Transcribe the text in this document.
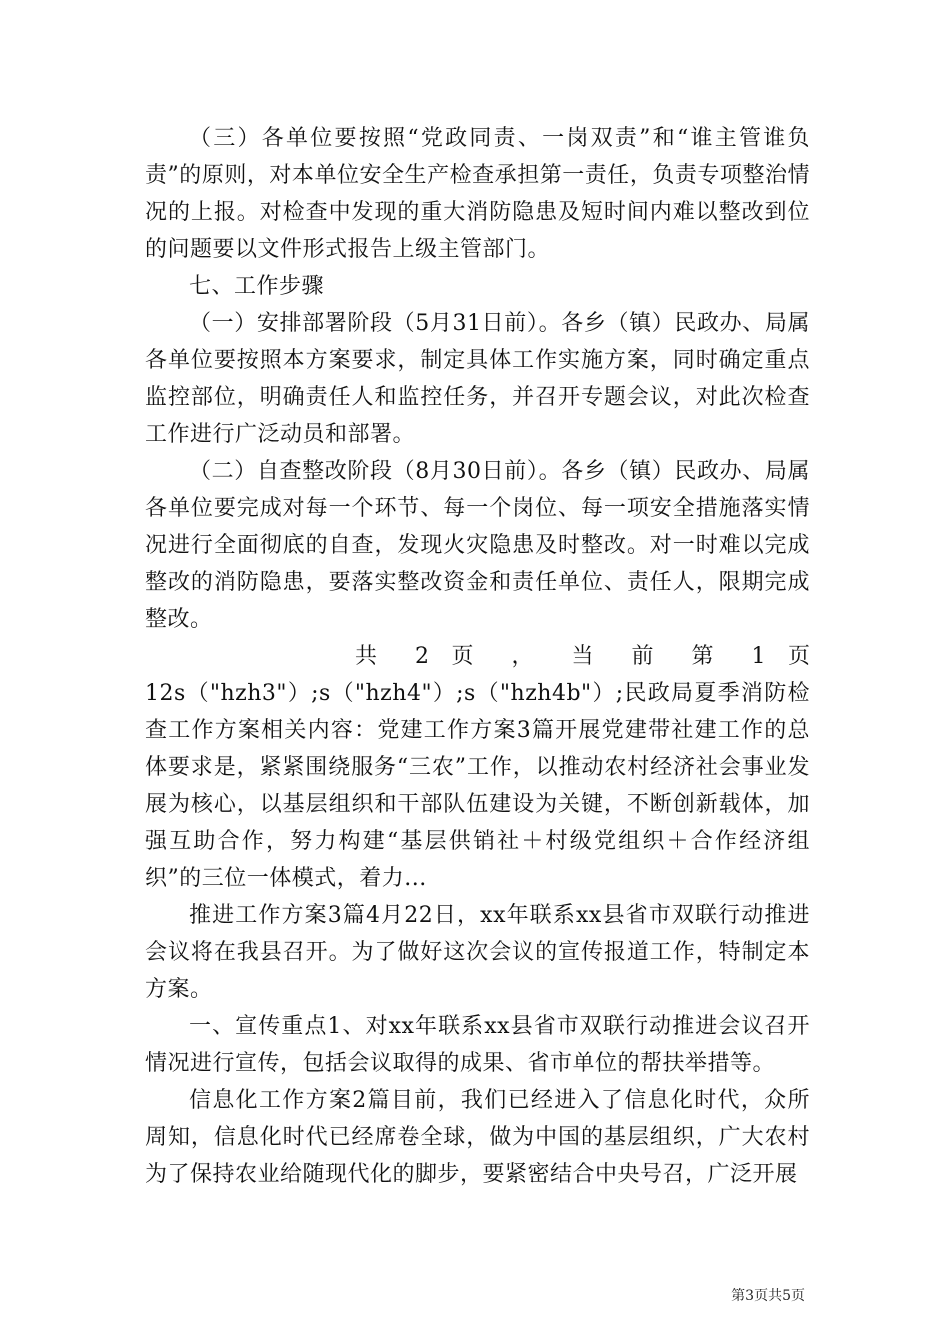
（三）各单位要按照“党政同责、一岗双责”和“谁主管谁负责”的原则，对本单位安全生产检查承担第一责任，负责专项整治情况的上报。对检查中发现的重大消防隐患及短时间内难以整改到位的问题要以文件形式报告上级主管部门。

七、工作步骤

（一）安排部署阶段（5月31日前）。各乡（镇）民政办、局属各单位要按照本方案要求，制定具体工作实施方案，同时确定重点监控部位，明确责任人和监控任务，并召开专题会议，对此次检查工作进行广泛动员和部署。

（二）自查整改阶段（8月30日前）。各乡（镇）民政办、局属各单位要完成对每一个环节、每一个岗位、每一项安全措施落实情况进行全面彻底的自查，发现火灾隐患及时整改。对一时难以完成整改的消防隐患，要落实整改资金和责任单位、责任人，限期完成整改。

共 2 页 ， 当 前 第 1 页

12s（"hzh3"）;s（"hzh4"）;s（"hzh4b"）;民政局夏季消防检查工作方案相关内容：党建工作方案3篇开展党建带社建工作的总体要求是，紧紧围绕服务“三农”工作，以推动农村经济社会事业发展为核心，以基层组织和干部队伍建设为关键，不断创新载体，加强互助合作，努力构建“基层供销社＋村级党组织＋合作经济组织”的三位一体模式，着力...

推进工作方案3篇4月22日，xx年联系xx县省市双联行动推进会议将在我县召开。为了做好这次会议的宣传报道工作，特制定本方案。

一、宣传重点1、对xx年联系xx县省市双联行动推进会议召开情况进行宣传，包括会议取得的成果、省市单位的帮扶举措等。

信息化工作方案2篇目前，我们已经进入了信息化时代，众所周知，信息化时代已经席卷全球，做为中国的基层组织，广大农村为了保持农业给随现代化的脚步，要紧密结合中央号召，广泛开展

第3页共5页
